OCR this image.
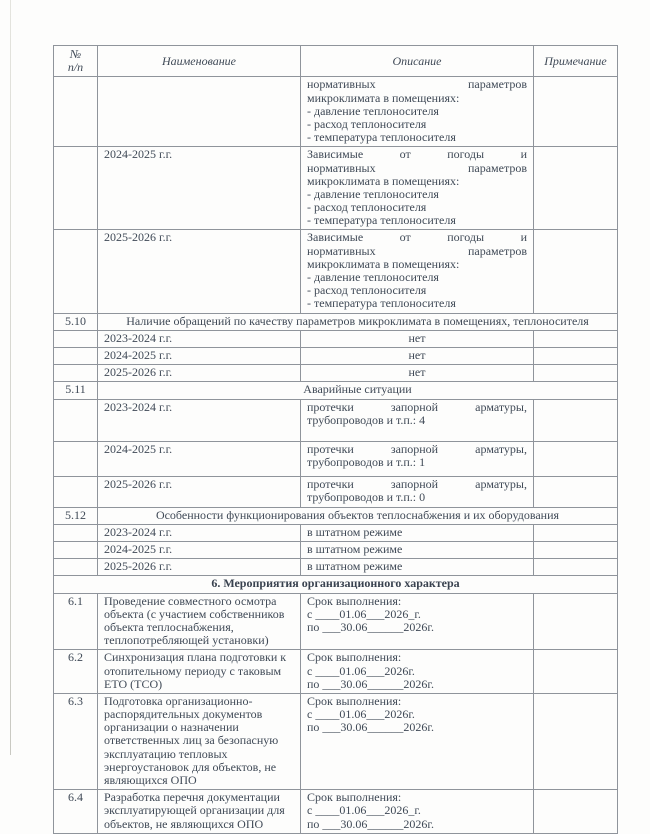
№
п/п	Наименование	Описание	Примечание

		нормативных параметров
микроклимата в помещениях:
- давление теплоносителя
- расход теплоносителя
- температура теплоносителя	

	2024-2025 г.г.	Зависимые от погоды и
нормативных параметров
микроклимата в помещениях:
- давление теплоносителя
- расход теплоносителя
- температура теплоносителя

	2025-2026 г.г.	Зависимые от погоды и
нормативных параметров
микроклимата в помещениях:
- давление теплоносителя
- расход теплоносителя
- температура теплоносителя

5.10	Наличие обращений по качеству параметров микроклимата в помещениях, теплоносителя		
	2023-2024 г.г.	нет	
	2024-2025 г.г.	нет	
	2025-2026 г.г.	нет	
5.11	Аварийные ситуации		
	2023-2024 г.г.	протечки запорной арматуры,
трубопроводов и т.п.: 4	

	2024-2025 г.г.	протечки запорной арматуры,
трубопроводов и т.п.: 1	

	2025-2026 г.г.	протечки запорной арматуры,
трубопроводов и т.п.: 0	

5.12	Особенности функционирования объектов теплоснабжения и их оборудования		
	2023-2024 г.г.	в штатном режиме	

	2024-2025 г.г.	в штатном режиме	

	2025-2026 г.г.	в штатном режиме	

6. Мероприятия организационного характера			
6.1	Проведение совместного осмотра объекта (с участием собственников объекта теплоснабжения, теплопотребляющей установки)	Срок выполнения:
с ____01.06___2026_г.
по ___30.06______2026г.	

6.2	Синхронизация плана подготовки к отопительному периоду с таковым ЕТО (ТСО)	Срок выполнения:
с ____01.06___2026г.
по ___30.06______2026г.	

6.3	Подготовка организационно-распорядительных документов организации о назначении ответственных лиц за безопасную эксплуатацию тепловых энергоустановок для объектов, не являющихся ОПО	Срок выполнения:
с ____01.06___2026г.
по ___30.06______2026г.	

6.4	Разработка перечня документации эксплуатирующей организации для объектов, не являющихся ОПО	Срок выполнения:
с ____01.06___2026_г.
по ___30.06______2026г.	
